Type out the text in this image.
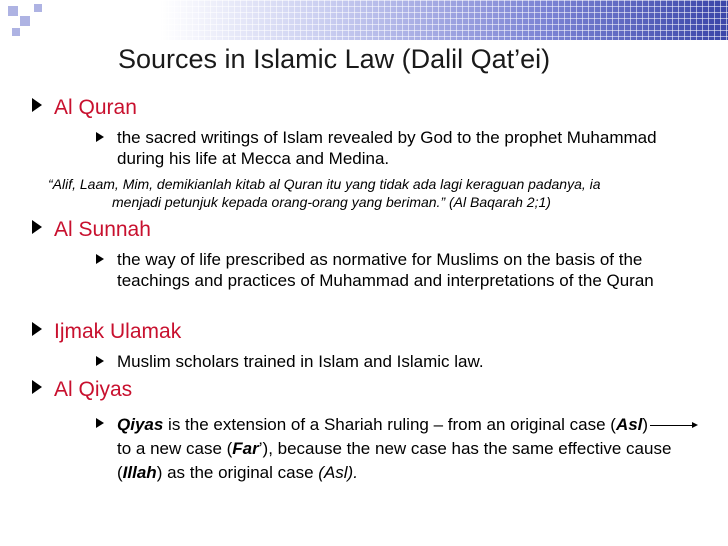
Sources in Islamic Law (Dalil Qat’ei)
Al Quran
the sacred writings of Islam revealed by God to the prophet Muhammad during his life at Mecca and Medina.
“Alif, Laam, Mim, demikianlah kitab al Quran itu yang tidak ada lagi keraguan padanya, ia
menjadi petunjuk kepada orang-orang yang beriman.” (Al Baqarah 2;1)
Al Sunnah
the way of life prescribed as normative for Muslims on the basis of the teachings and practices of Muhammad and interpretations of the Quran
Ijmak Ulamak
Muslim scholars trained in Islam and Islamic law.
Al Qiyas
Qiyas is the extension of a Shariah ruling – from an original case (Asl) to a new case (Far’), because the new case has the same effective cause (Illah) as the original case (Asl).
